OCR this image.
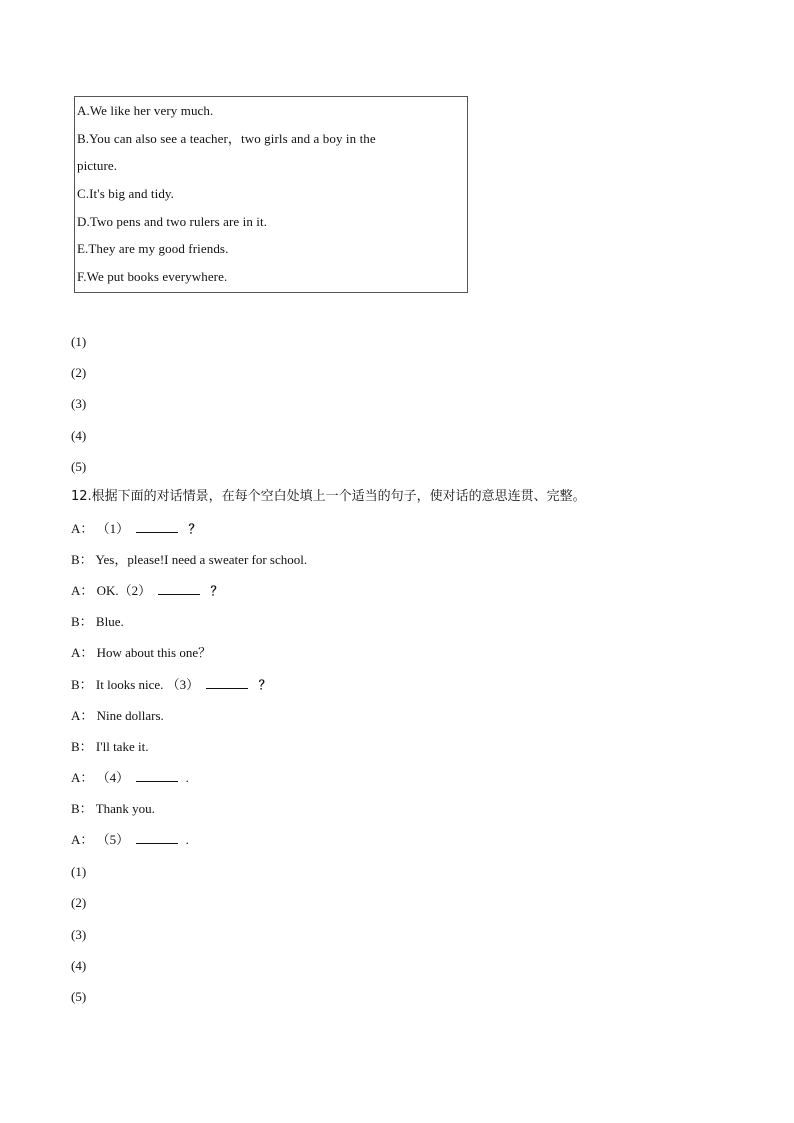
A.We like her very much.
B.You can also see a teacher，two girls and a boy in the
picture.
C.It's big and tidy.
D.Two pens and two rulers are in it.
E.They are my good friends.
F.We put books everywhere.
(1)
(2)
(3)
(4)
(5)
12.根据下面的对话情景，在每个空白处填上一个适当的句子，使对话的意思连贯、完整。
A： （1）	？
B： Yes，please!I need a sweater for school.
A： OK.（2）	？
B： Blue.
A： How about this one？
B： It looks nice. （3）	？
A： Nine dollars.
B： I'll take it.
A： （4）	.
B： Thank you.
A： （5）	.
(1)
(2)
(3)
(4)
(5)
